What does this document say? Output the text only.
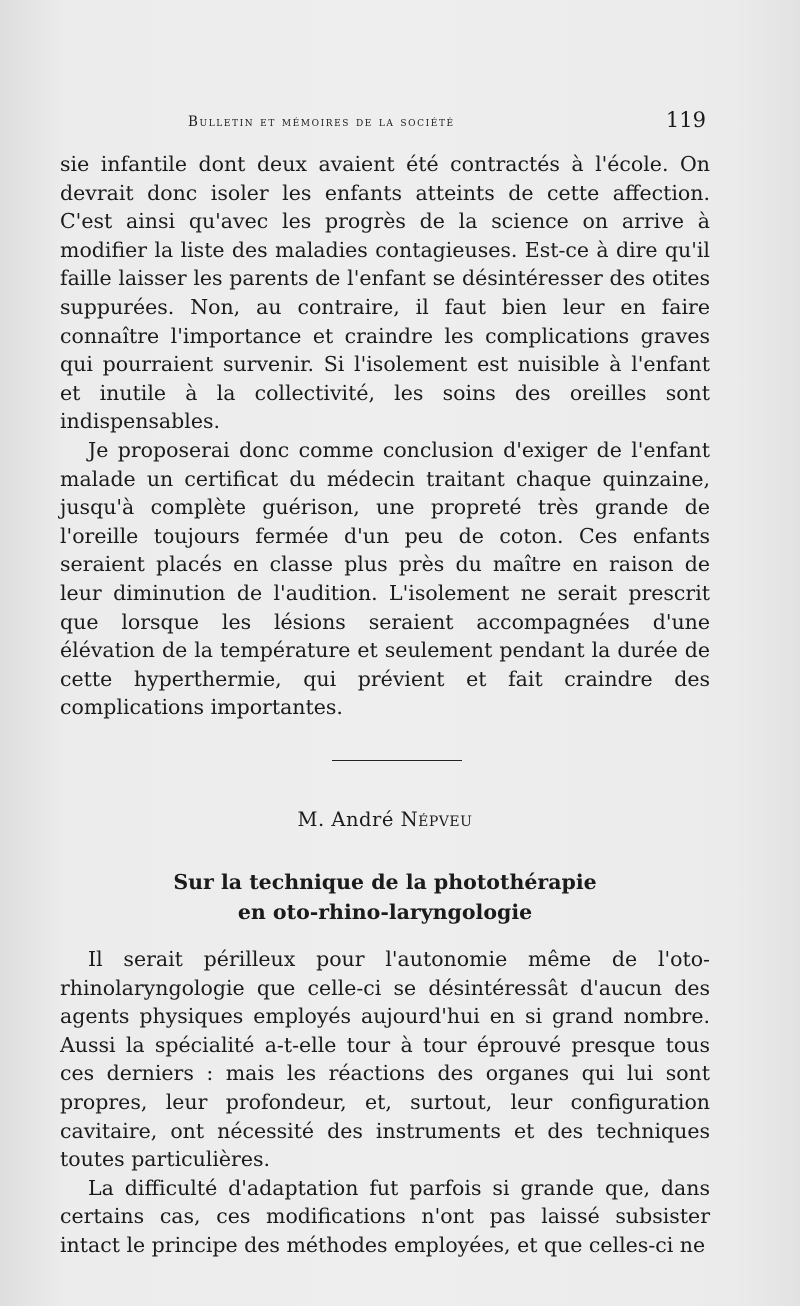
Bulletin et mémoires de la société	119

sie infantile dont deux avaient été contractés à l'école. On devrait donc isoler les enfants atteints de cette affection. C'est ainsi qu'avec les progrès de la science on arrive à modifier la liste des maladies contagieuses. Est-ce à dire qu'il faille laisser les parents de l'enfant se désintéresser des otites suppurées. Non, au contraire, il faut bien leur en faire connaître l'importance et craindre les complications graves qui pourraient survenir. Si l'isolement est nuisible à l'enfant et inutile à la collectivité, les soins des oreilles sont indispensables.

Je proposerai donc comme conclusion d'exiger de l'enfant malade un certificat du médecin traitant chaque quinzaine, jusqu'à complète guérison, une propreté très grande de l'oreille toujours fermée d'un peu de coton. Ces enfants seraient placés en classe plus près du maître en raison de leur diminution de l'audition. L'isolement ne serait prescrit que lorsque les lésions seraient accompagnées d'une élévation de la température et seulement pendant la durée de cette hyperthermie, qui prévient et fait craindre des complications importantes.

M. André Népveu
Sur la technique de la photothérapie
en oto-rhino-laryngologie

Il serait périlleux pour l'autonomie même de l'oto-rhinolaryngologie que celle-ci se désintéressât d'aucun des agents physiques employés aujourd'hui en si grand nombre. Aussi la spécialité a-t-elle tour à tour éprouvé presque tous ces derniers : mais les réactions des organes qui lui sont propres, leur profondeur, et, surtout, leur configuration cavitaire, ont nécessité des instruments et des techniques toutes particulières.

La difficulté d'adaptation fut parfois si grande que, dans certains cas, ces modifications n'ont pas laissé subsister intact le principe des méthodes employées, et que celles-ci ne
